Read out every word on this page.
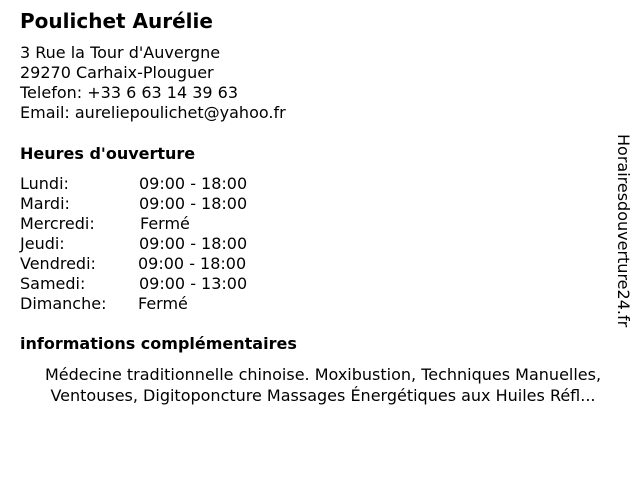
Poulichet Aurélie
3 Rue la Tour d'Auvergne
29270 Carhaix-Plouguer
Telefon: +33 6 63 14 39 63
Email: aureliepoulichet@yahoo.fr
Heures d'ouverture
Lundi:	09:00 - 18:00
Mardi:	09:00 - 18:00
Mercredi:	Fermé
Jeudi:	09:00 - 18:00
Vendredi:	09:00 - 18:00
Samedi:	09:00 - 13:00
Dimanche: Fermé
informations complémentaires
Médecine traditionnelle chinoise. Moxibustion, Techniques Manuelles, Ventouses, Digitoponcture Massages Énergétiques aux Huiles Réfl...
Horairesdouverture24.fr
